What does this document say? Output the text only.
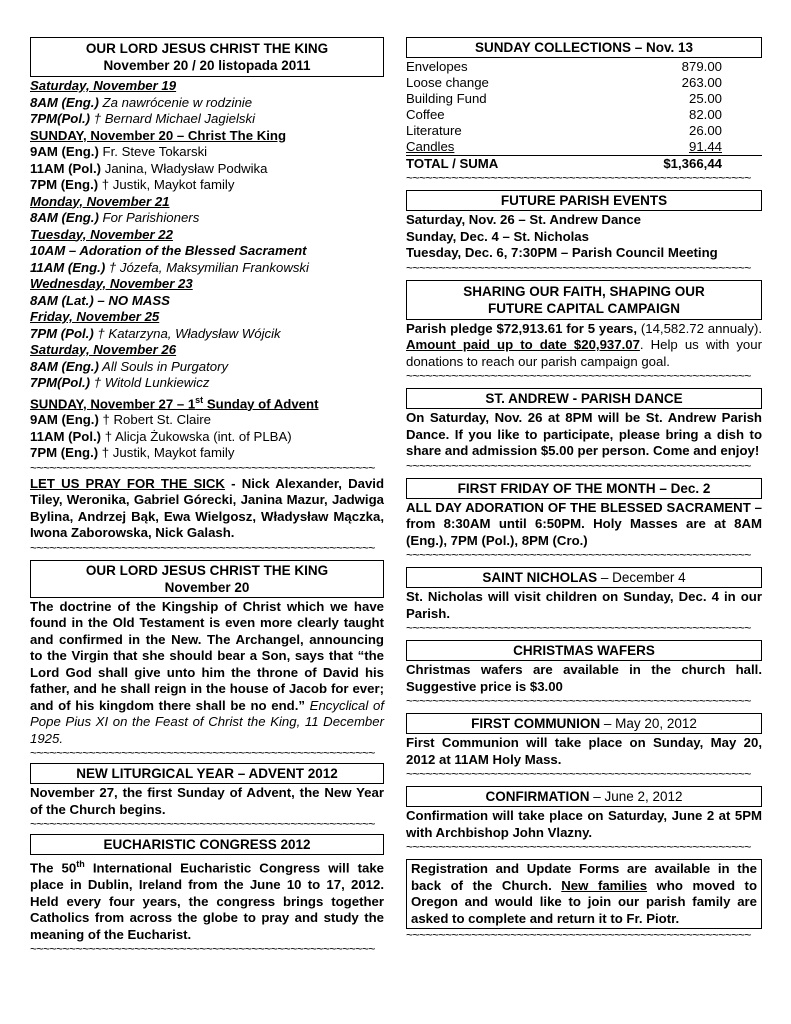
OUR LORD JESUS CHRIST THE KING
November 20 / 20 listopada 2011
Saturday, November 19
8AM (Eng.) Za nawrócenie w rodzinie
7PM(Pol.) † Bernard Michael Jagielski
SUNDAY, November 20 – Christ The King
9AM (Eng.) Fr. Steve Tokarski
11AM (Pol.) Janina, Władysław Podwika
7PM (Eng.) † Justik, Maykot family
Monday, November 21
8AM (Eng.) For Parishioners
Tuesday, November 22
10AM – Adoration of the Blessed Sacrament
11AM (Eng.) † Józefa, Maksymilian Frankowski
Wednesday, November 23
8AM (Lat.) – NO MASS
Friday, November 25
7PM (Pol.) † Katarzyna, Władysław Wójcik
Saturday, November 26
8AM (Eng.) All Souls in Purgatory
7PM(Pol.) † Witold Lunkiewicz
SUNDAY, November 27 – 1st Sunday of Advent
9AM (Eng.) † Robert St. Claire
11AM (Pol.) † Alicja Żukowska (int. of PLBA)
7PM (Eng.) † Justik, Maykot family
~~~~~~~~~~~~~~~~~~~~~~~~~~~~~~~~~~~~~~~~~~~~~~~~~~~~~
LET US PRAY FOR THE SICK - Nick Alexander, David Tiley, Weronika, Gabriel Górecki, Janina Mazur, Jadwiga Bylina, Andrzej Bąk, Ewa Wielgosz, Władysław Mączka, Iwona Zaborowska, Nick Galash.
~~~~~~~~~~~~~~~~~~~~~~~~~~~~~~~~~~~~~~~~~~~~~~~~~~~~~
OUR LORD JESUS CHRIST THE KING
November 20
The doctrine of the Kingship of Christ which we have found in the Old Testament is even more clearly taught and confirmed in the New. The Archangel, announcing to the Virgin that she should bear a Son, says that “the Lord God shall give unto him the throne of David his father, and he shall reign in the house of Jacob for ever; and of his kingdom there shall be no end.” Encyclical of Pope Pius XI on the Feast of Christ the King, 11 December 1925.
~~~~~~~~~~~~~~~~~~~~~~~~~~~~~~~~~~~~~~~~~~~~~~~~~~~~~
NEW LITURGICAL YEAR – ADVENT 2012
November 27, the first Sunday of Advent, the New Year of the Church begins.
~~~~~~~~~~~~~~~~~~~~~~~~~~~~~~~~~~~~~~~~~~~~~~~~~~~~~
EUCHARISTIC CONGRESS 2012
The 50th International Eucharistic Congress will take place in Dublin, Ireland from the June 10 to 17, 2012. Held every four years, the congress brings together Catholics from across the globe to pray and study the meaning of the Eucharist.
~~~~~~~~~~~~~~~~~~~~~~~~~~~~~~~~~~~~~~~~~~~~~~~~~~~~~
SUNDAY COLLECTIONS – Nov. 13
Envelopes	879.00
Loose change	263.00
Building Fund	25.00
Coffee	82.00
Literature	26.00
Candles	91.44
TOTAL / SUMA	$1,366,44
~~~~~~~~~~~~~~~~~~~~~~~~~~~~~~~~~~~~~~~~~~~~~~~~~~~~~
FUTURE PARISH EVENTS
Saturday, Nov. 26 – St. Andrew Dance
Sunday, Dec. 4 – St. Nicholas
Tuesday, Dec. 6, 7:30PM – Parish Council Meeting
~~~~~~~~~~~~~~~~~~~~~~~~~~~~~~~~~~~~~~~~~~~~~~~~~~~~~
SHARING OUR FAITH, SHAPING OUR
FUTURE CAPITAL CAMPAIGN
Parish pledge $72,913.61 for 5 years, (14,582.72 annualy). Amount paid up to date $20,937.07. Help us with your donations to reach our parish campaign goal.
~~~~~~~~~~~~~~~~~~~~~~~~~~~~~~~~~~~~~~~~~~~~~~~~~~~~~
ST. ANDREW - PARISH DANCE
On Saturday, Nov. 26 at 8PM will be St. Andrew Parish Dance. If you like to participate, please bring a dish to share and admission $5.00 per person. Come and enjoy!
~~~~~~~~~~~~~~~~~~~~~~~~~~~~~~~~~~~~~~~~~~~~~~~~~~~~~
FIRST FRIDAY OF THE MONTH – Dec. 2
ALL DAY ADORATION OF THE BLESSED SACRAMENT – from 8:30AM until 6:50PM. Holy Masses are at 8AM (Eng.), 7PM (Pol.), 8PM (Cro.)
~~~~~~~~~~~~~~~~~~~~~~~~~~~~~~~~~~~~~~~~~~~~~~~~~~~~~
SAINT NICHOLAS – December 4
St. Nicholas will visit children on Sunday, Dec. 4 in our Parish.
~~~~~~~~~~~~~~~~~~~~~~~~~~~~~~~~~~~~~~~~~~~~~~~~~~~~~
CHRISTMAS WAFERS
Christmas wafers are available in the church hall. Suggestive price is $3.00
~~~~~~~~~~~~~~~~~~~~~~~~~~~~~~~~~~~~~~~~~~~~~~~~~~~~~
FIRST COMMUNION – May 20, 2012
First Communion will take place on Sunday, May 20, 2012 at 11AM Holy Mass.
~~~~~~~~~~~~~~~~~~~~~~~~~~~~~~~~~~~~~~~~~~~~~~~~~~~~~
CONFIRMATION – June 2, 2012
Confirmation will take place on Saturday, June 2 at 5PM with Archbishop John Vlazny.
~~~~~~~~~~~~~~~~~~~~~~~~~~~~~~~~~~~~~~~~~~~~~~~~~~~~~
Registration and Update Forms are available in the back of the Church. New families who moved to Oregon and would like to join our parish family are asked to complete and return it to Fr. Piotr.
~~~~~~~~~~~~~~~~~~~~~~~~~~~~~~~~~~~~~~~~~~~~~~~~~~~~~
